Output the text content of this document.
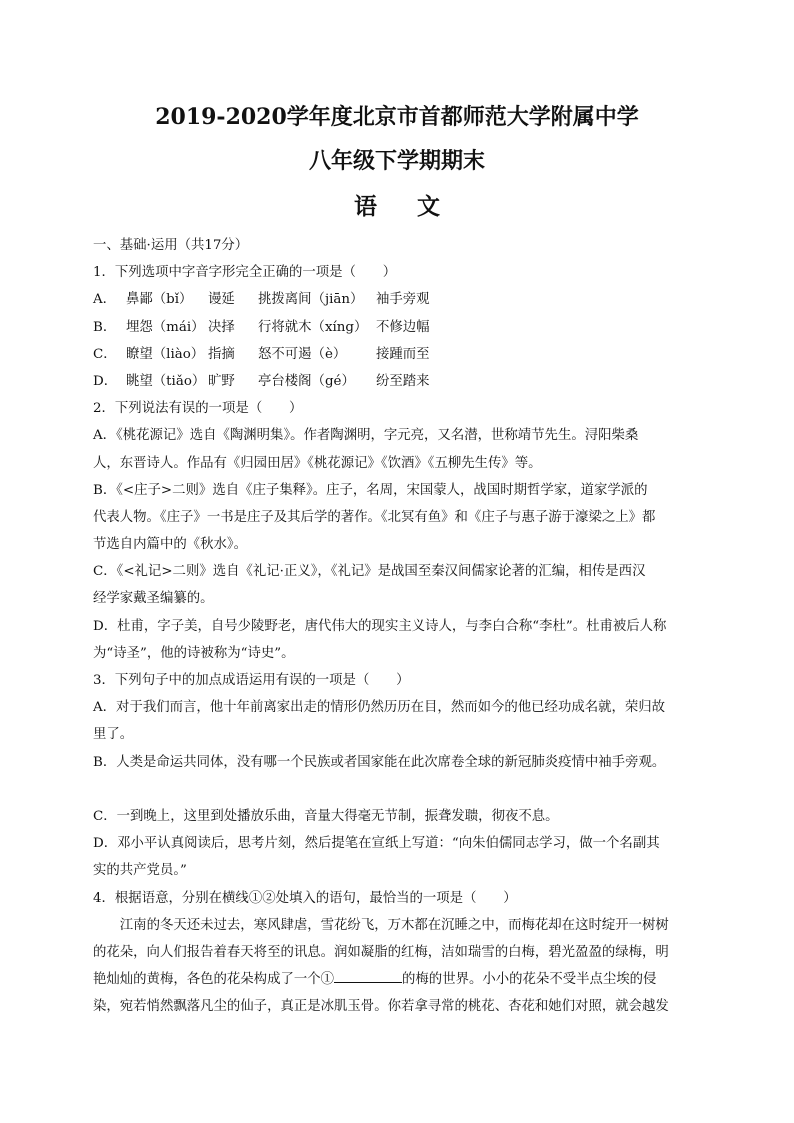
2019-2020学年度北京市首都师范大学附属中学
八年级下学期期末
语 文
一、基础·运用（共17分）
1．下列选项中字音字形完全正确的一项是（　　）
A． 鼻鄙（bǐ） 谩延 挑拨离间（jiān） 袖手旁观
B． 埋怨（mái） 决择 行将就木（xíng） 不修边幅
C． 瞭望（liào） 指摘 怒不可遏（è） 接踵而至
D． 眺望（tiǎo） 旷野 亭台楼阁（gé） 纷至踏来
2．下列说法有误的一项是（　　）
A．《桃花源记》选自《陶渊明集》。作者陶渊明，字元亮，又名潜，世称靖节先生。浔阳柴桑
人，东晋诗人。作品有《归园田居》《桃花源记》《饮酒》《五柳先生传》等。
B．《<庄子>二则》选自《庄子集释》。庄子，名周，宋国蒙人，战国时期哲学家，道家学派的
代表人物。《庄子》一书是庄子及其后学的著作。《北冥有鱼》和《庄子与惠子游于濠梁之上》都
节选自内篇中的《秋水》。
C．《<礼记>二则》选自《礼记·正义》，《礼记》是战国至秦汉间儒家论著的汇编，相传是西汉
经学家戴圣编纂的。
D．杜甫，字子美，自号少陵野老，唐代伟大的现实主义诗人，与李白合称“李杜”。杜甫被后人称
为“诗圣”，他的诗被称为“诗史”。
3．下列句子中的加点成语运用有误的一项是（　　）
A．对于我们而言，他十年前离家出走的情形仍然历历在目，然而如今的他已经功成名就，荣归故
里了。
B．人类是命运共同体，没有哪一个民族或者国家能在此次席卷全球的新冠肺炎疫情中袖手旁观。
C．一到晚上，这里到处播放乐曲，音量大得毫无节制，振聋发聩，彻夜不息。
D．邓小平认真阅读后，思考片刻，然后提笔在宣纸上写道：“向朱伯儒同志学习，做一个名副其
实的共产党员。”
4．根据语意，分别在横线①②处填入的语句，最恰当的一项是（　　）
江南的冬天还未过去，寒风肆虐，雪花纷飞，万木都在沉睡之中，而梅花却在这时绽开一树树
的花朵，向人们报告着春天将至的讯息。润如凝脂的红梅，洁如瑞雪的白梅，碧光盈盈的绿梅，明
艳灿灿的黄梅，各色的花朵构成了一个①	的梅的世界。小小的花朵不受半点尘埃的侵
染，宛若悄然飘落凡尘的仙子，真正是冰肌玉骨。你若拿寻常的桃花、杏花和她们对照，就会越发
